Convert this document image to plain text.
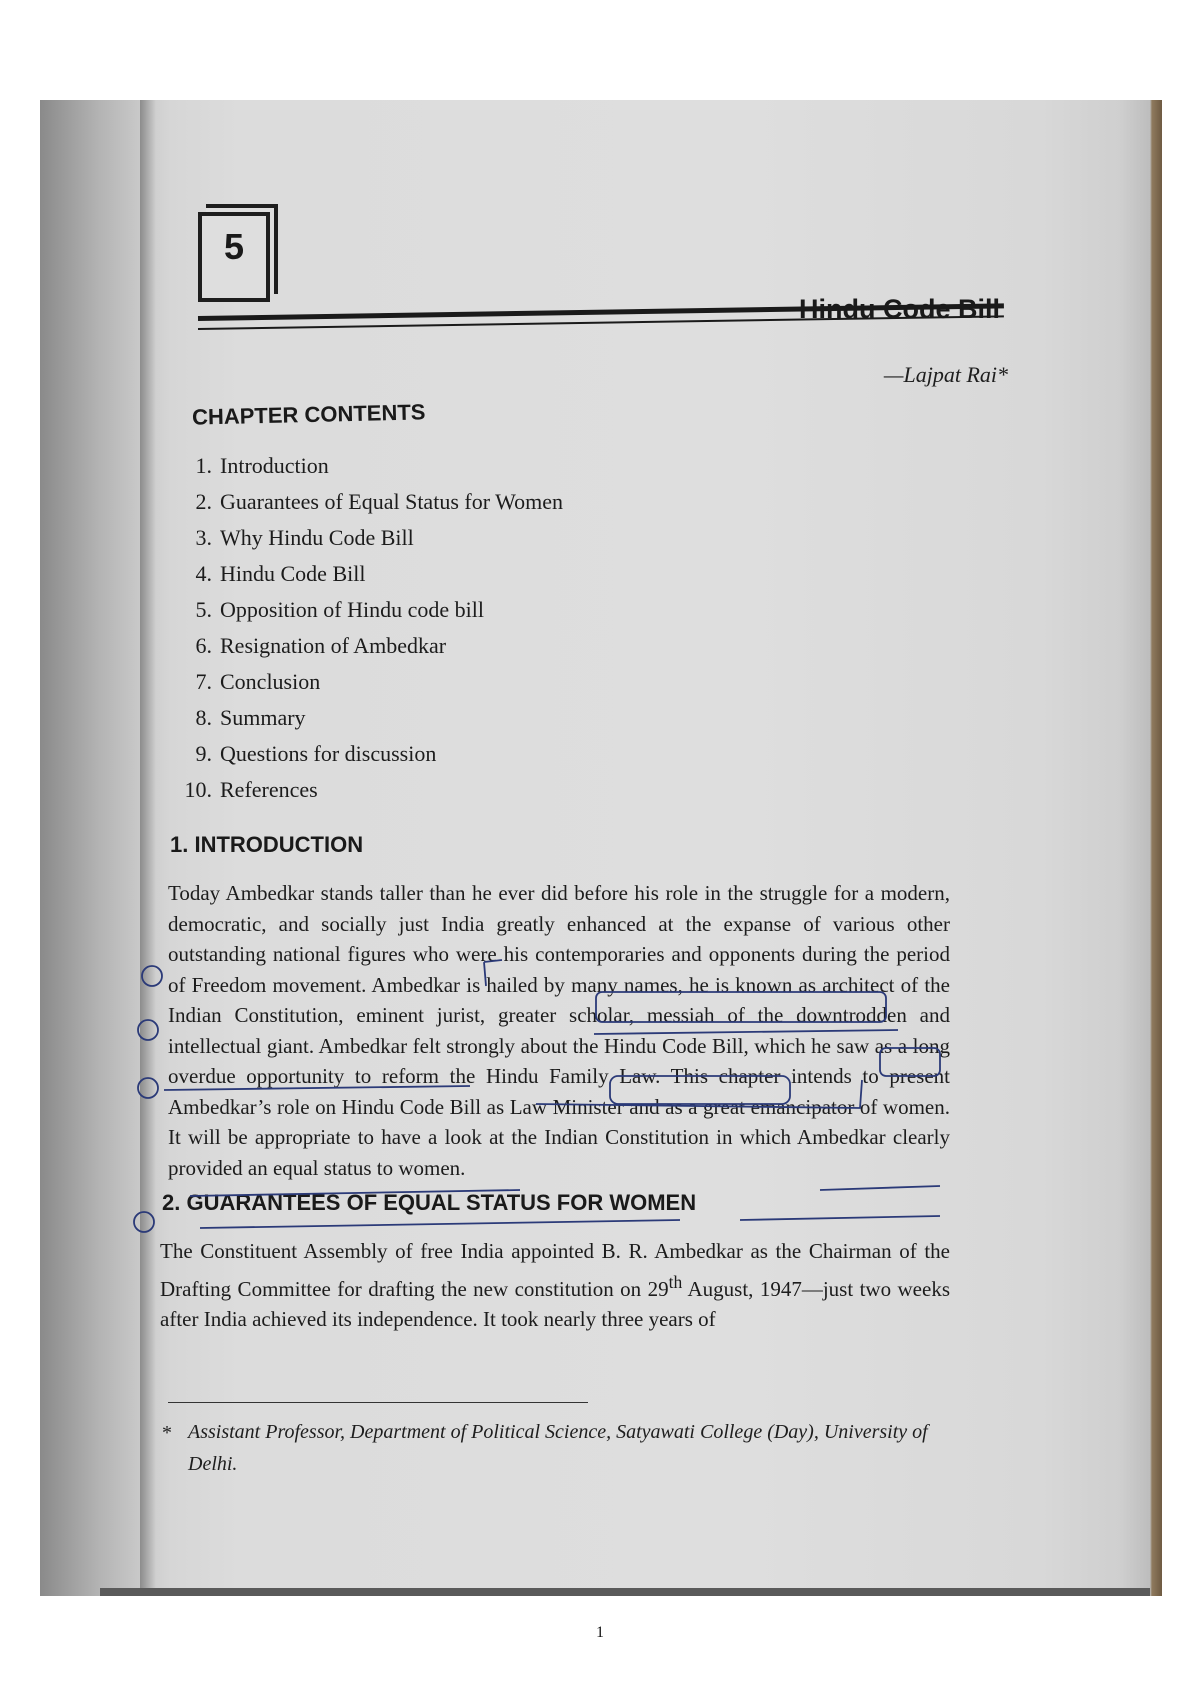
5
Hindu Code Bill
—Lajpat Rai*
CHAPTER CONTENTS
1. Introduction
2. Guarantees of Equal Status for Women
3. Why Hindu Code Bill
4. Hindu Code Bill
5. Opposition of Hindu code bill
6. Resignation of Ambedkar
7. Conclusion
8. Summary
9. Questions for discussion
10. References
1. INTRODUCTION

Today Ambedkar stands taller than he ever did before his role in the struggle for a modern, democratic, and socially just India greatly enhanced at the expanse of various other outstanding national figures who were his contemporaries and opponents during the period of Freedom movement. Ambedkar is hailed by many names, he is known as architect of the Indian Constitution, eminent jurist, greater scholar, messiah of the downtrodden and intellectual giant. Ambedkar felt strongly about the Hindu Code Bill, which he saw as a long overdue opportunity to reform the Hindu Family Law. This chapter intends to present Ambedkar’s role on Hindu Code Bill as Law Minister and as a great emancipator of women. It will be appropriate to have a look at the Indian Constitution in which Ambedkar clearly provided an equal status to women.

2. GUARANTEES OF EQUAL STATUS FOR WOMEN

The Constituent Assembly of free India appointed B. R. Ambedkar as the Chairman of the Drafting Committee for drafting the new constitution on 29th August, 1947—just two weeks after India achieved its independence. It took nearly three years of

* Assistant Professor, Department of Political Science, Satyawati College (Day), University of Delhi.

1
